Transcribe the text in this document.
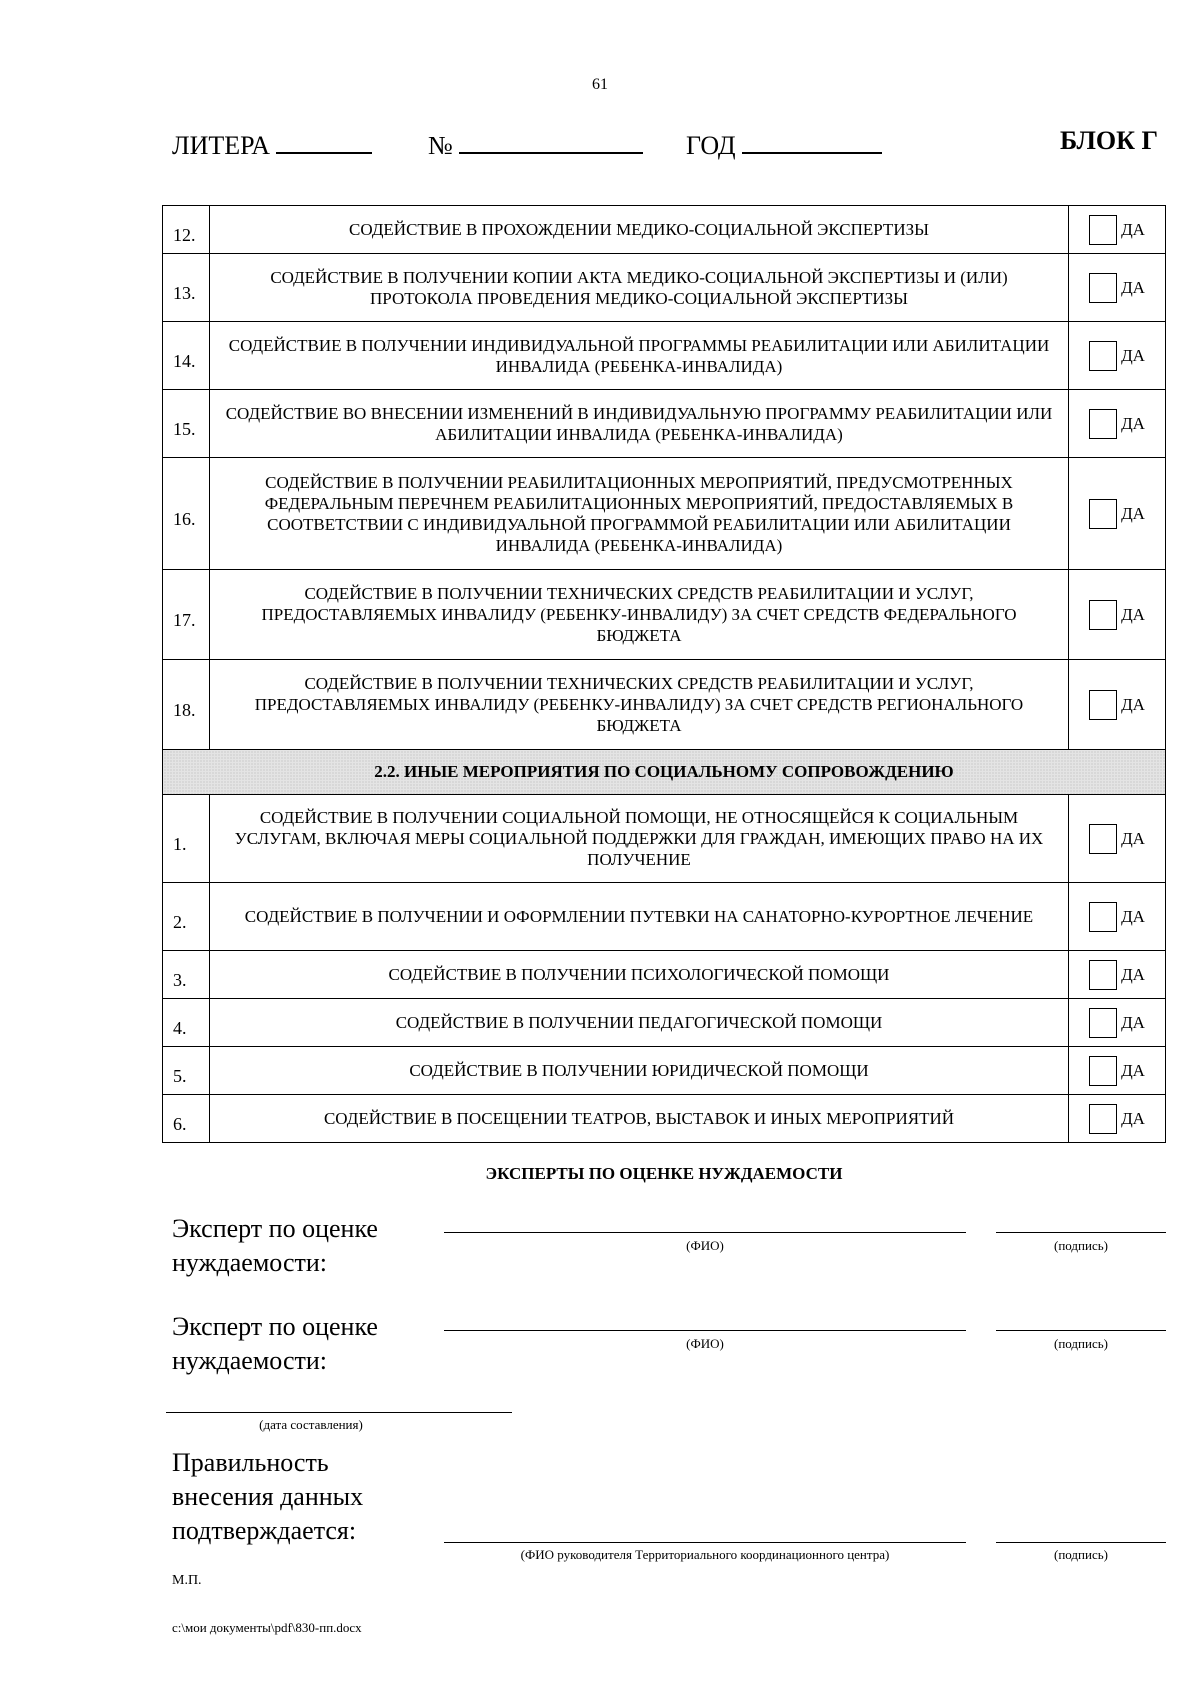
61
ЛИТЕРА	№	ГОД	БЛОК Г
12.	СОДЕЙСТВИЕ В ПРОХОЖДЕНИИ МЕДИКО-СОЦИАЛЬНОЙ ЭКСПЕРТИЗЫ	ДА

13.	СОДЕЙСТВИЕ В ПОЛУЧЕНИИ КОПИИ АКТА МЕДИКО-СОЦИАЛЬНОЙ ЭКСПЕРТИЗЫ И (ИЛИ) ПРОТОКОЛА ПРОВЕДЕНИЯ МЕДИКО-СОЦИАЛЬНОЙ ЭКСПЕРТИЗЫ	ДА

14.	СОДЕЙСТВИЕ В ПОЛУЧЕНИИ ИНДИВИДУАЛЬНОЙ ПРОГРАММЫ РЕАБИЛИТАЦИИ ИЛИ АБИЛИТАЦИИ ИНВАЛИДА (РЕБЕНКА-ИНВАЛИДА)	ДА

15.	СОДЕЙСТВИЕ ВО ВНЕСЕНИИ ИЗМЕНЕНИЙ В ИНДИВИДУАЛЬНУЮ ПРОГРАММУ РЕАБИЛИТАЦИИ ИЛИ АБИЛИТАЦИИ ИНВАЛИДА (РЕБЕНКА-ИНВАЛИДА)	ДА

16.	СОДЕЙСТВИЕ В ПОЛУЧЕНИИ РЕАБИЛИТАЦИОННЫХ МЕРОПРИЯТИЙ, ПРЕДУСМОТРЕННЫХ ФЕДЕРАЛЬНЫМ ПЕРЕЧНЕМ РЕАБИЛИТАЦИОННЫХ МЕРОПРИЯТИЙ, ПРЕДОСТАВЛЯЕМЫХ В СООТВЕТСТВИИ С ИНДИВИДУАЛЬНОЙ ПРОГРАММОЙ РЕАБИЛИТАЦИИ ИЛИ АБИЛИТАЦИИ ИНВАЛИДА (РЕБЕНКА-ИНВАЛИДА)	ДА

17.	СОДЕЙСТВИЕ В ПОЛУЧЕНИИ ТЕХНИЧЕСКИХ СРЕДСТВ РЕАБИЛИТАЦИИ И УСЛУГ, ПРЕДОСТАВЛЯЕМЫХ ИНВАЛИДУ (РЕБЕНКУ-ИНВАЛИДУ) ЗА СЧЕТ СРЕДСТВ ФЕДЕРАЛЬНОГО БЮДЖЕТА	ДА

18.	СОДЕЙСТВИЕ В ПОЛУЧЕНИИ ТЕХНИЧЕСКИХ СРЕДСТВ РЕАБИЛИТАЦИИ И УСЛУГ, ПРЕДОСТАВЛЯЕМЫХ ИНВАЛИДУ (РЕБЕНКУ-ИНВАЛИДУ) ЗА СЧЕТ СРЕДСТВ РЕГИОНАЛЬНОГО БЮДЖЕТА	ДА

2.2. ИНЫЕ МЕРОПРИЯТИЯ ПО СОЦИАЛЬНОМУ СОПРОВОЖДЕНИЮ		
1.	СОДЕЙСТВИЕ В ПОЛУЧЕНИИ СОЦИАЛЬНОЙ ПОМОЩИ, НЕ ОТНОСЯЩЕЙСЯ К СОЦИАЛЬНЫМ УСЛУГАМ, ВКЛЮЧАЯ МЕРЫ СОЦИАЛЬНОЙ ПОДДЕРЖКИ ДЛЯ ГРАЖДАН, ИМЕЮЩИХ ПРАВО НА ИХ ПОЛУЧЕНИЕ	ДА

2.	СОДЕЙСТВИЕ В ПОЛУЧЕНИИ И ОФОРМЛЕНИИ ПУТЕВКИ НА САНАТОРНО-КУРОРТНОЕ ЛЕЧЕНИЕ	ДА

3.	СОДЕЙСТВИЕ В ПОЛУЧЕНИИ ПСИХОЛОГИЧЕСКОЙ ПОМОЩИ	ДА

4.	СОДЕЙСТВИЕ В ПОЛУЧЕНИИ ПЕДАГОГИЧЕСКОЙ ПОМОЩИ	ДА

5.	СОДЕЙСТВИЕ В ПОЛУЧЕНИИ ЮРИДИЧЕСКОЙ ПОМОЩИ	ДА

6.	СОДЕЙСТВИЕ В ПОСЕЩЕНИИ ТЕАТРОВ, ВЫСТАВОК И ИНЫХ МЕРОПРИЯТИЙ	ДА
ЭКСПЕРТЫ ПО ОЦЕНКЕ НУЖДАЕМОСТИ
Эксперт по оценке
нуждаемости:
(ФИО)	(подпись)
Эксперт по оценке
нуждаемости:
(ФИО)	(подпись)
(дата составления)
Правильность
внесения данных
подтверждается:
(ФИО руководителя Территориального координационного центра)	(подпись)
М.П.
c:\мои документы\pdf\830-пп.docx
